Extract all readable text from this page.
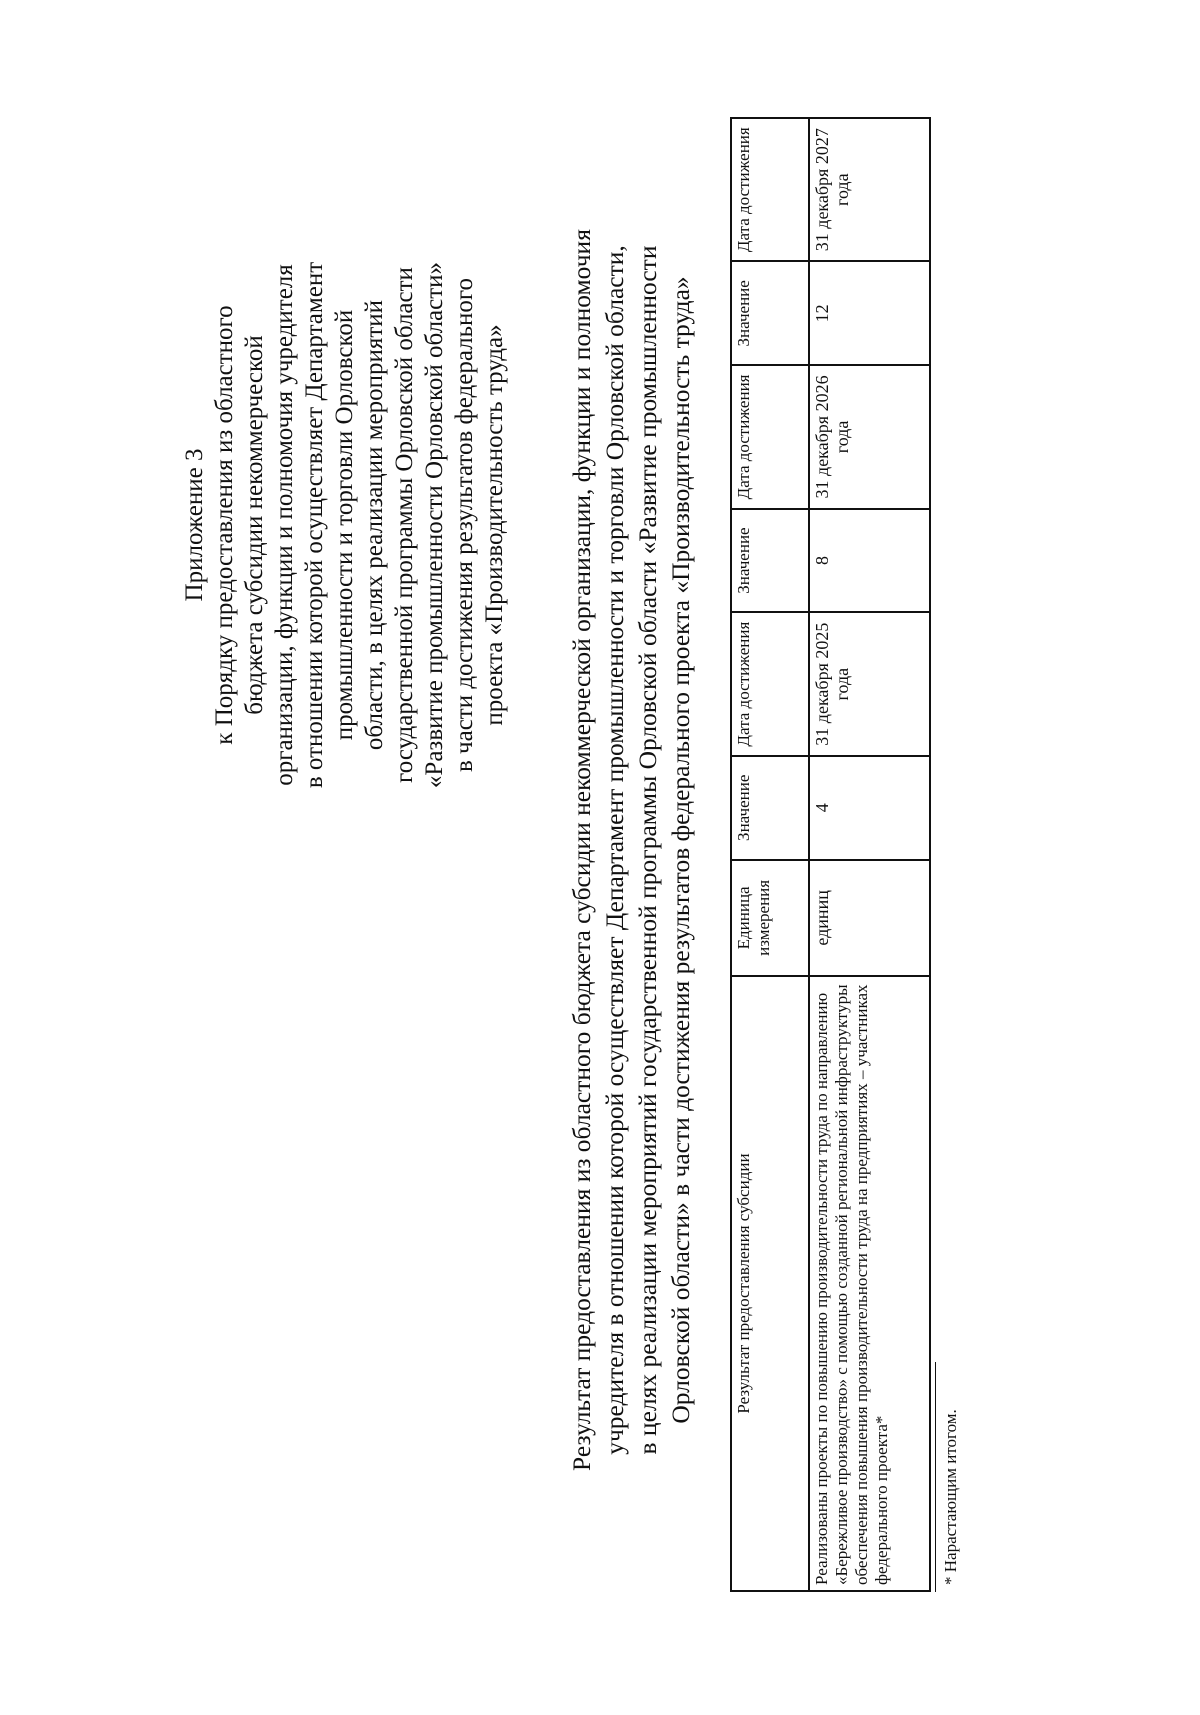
Приложение 3 к Порядку предоставления из областного бюджета субсидии некоммерческой организации, функции и полномочия учредителя в отношении которой осуществляет Департамент промышленности и торговли Орловской области, в целях реализации мероприятий государственной программы Орловской области «Развитие промышленности Орловской области» в части достижения результатов федерального проекта «Производительность труда» Результат предоставления из областного бюджета субсидии некоммерческой организации, функции и полномочия учредителя в отношении которой осуществляет Департамент промышленности и торговли Орловской области, в целях реализации мероприятий государственной программы Орловской области «Развитие промышленности Орловской области» в части достижения результатов федерального проекта «Производительность труда» Результат предоставления субсидии	Единица измерения	Значение	Дата достижения	Значение	Дата достижения	Значение	Дата достижения
Реализованы проекты по повышению производительности труда по направлению «Бережливое производство» с помощью созданной региональной инфраструктуры обеспечения повышения производительности труда на предприятиях – участниках федерального проекта*	единиц	4	31 декабря 2025 года	8	31 декабря 2026 года	12	31 декабря 2027 года
* Нарастающим итогом.
